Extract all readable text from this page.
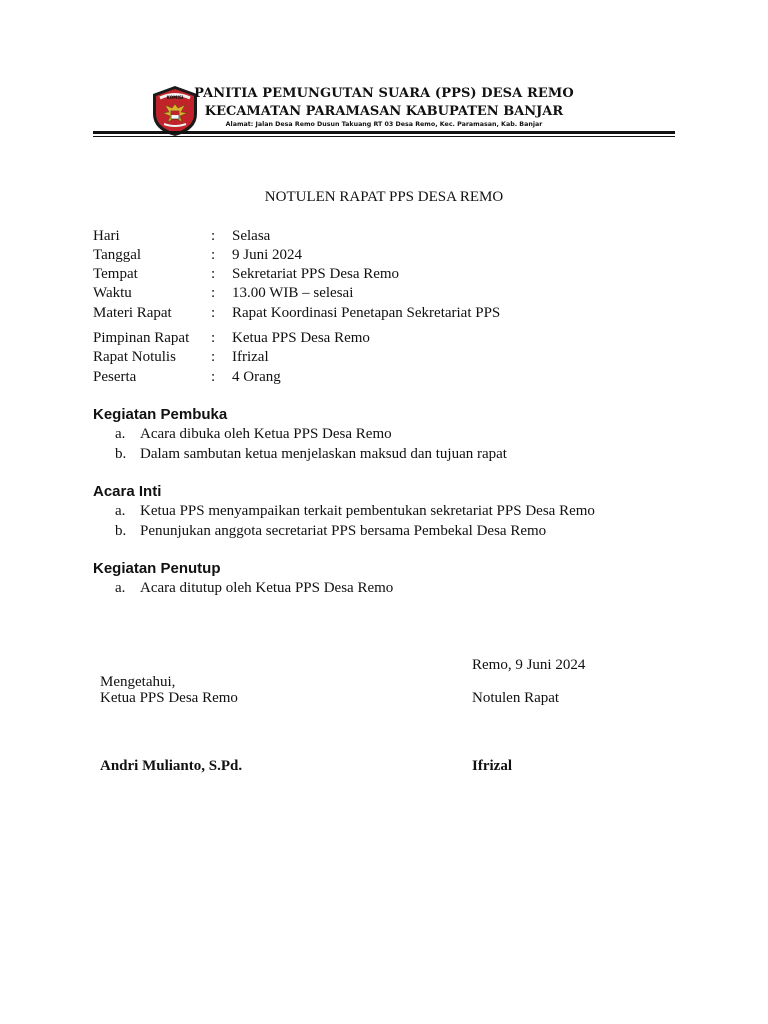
KOMISI PANITIA PEMUNGUTAN SUARA (PPS) DESA REMO
KECAMATAN PARAMASAN KABUPATEN BANJAR
Alamat: Jalan Desa Remo Dusun Takuang RT 03 Desa Remo, Kec. Paramasan, Kab. Banjar
NOTULEN RAPAT PPS DESA REMO
Hari	: Selasa
Tanggal	: 9 Juni 2024
Tempat	: Sekretariat PPS Desa Remo
Waktu	: 13.00 WIB – selesai
Materi Rapat	: Rapat Koordinasi Penetapan Sekretariat PPS
Pimpinan Rapat : Ketua PPS Desa Remo
Rapat Notulis : Ifrizal
Peserta	: 4 Orang
Kegiatan Pembuka
a. Acara dibuka oleh Ketua PPS Desa Remo
b. Dalam sambutan ketua menjelaskan maksud dan tujuan rapat
Acara Inti
a. Ketua PPS menyampaikan terkait pembentukan sekretariat PPS Desa Remo
b. Penunjukan anggota secretariat PPS bersama Pembekal Desa Remo
Kegiatan Penutup
a. Acara ditutup oleh Ketua PPS Desa Remo
Remo, 9 Juni 2024
Mengetahui,
Ketua PPS Desa Remo	Notulen Rapat
Andri Mulianto, S.Pd.	Ifrizal
